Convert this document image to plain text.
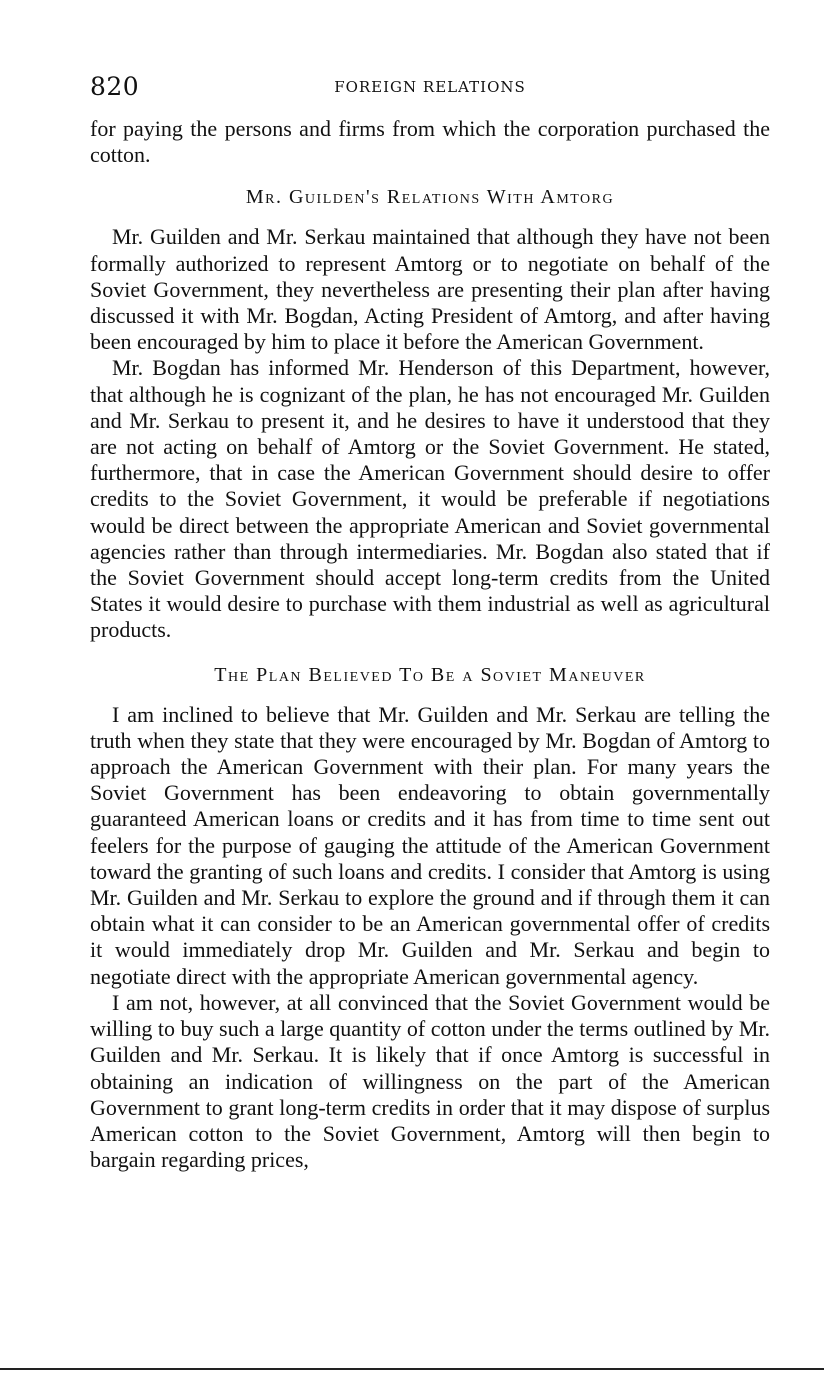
820	FOREIGN RELATIONS

for paying the persons and firms from which the corporation purchased the cotton.

Mr. Guilden's Relations With Amtorg

Mr. Guilden and Mr. Serkau maintained that although they have not been formally authorized to represent Amtorg or to negotiate on behalf of the Soviet Government, they nevertheless are presenting their plan after having discussed it with Mr. Bogdan, Acting President of Amtorg, and after having been encouraged by him to place it before the American Government.

Mr. Bogdan has informed Mr. Henderson of this Department, however, that although he is cognizant of the plan, he has not encouraged Mr. Guilden and Mr. Serkau to present it, and he desires to have it understood that they are not acting on behalf of Amtorg or the Soviet Government. He stated, furthermore, that in case the American Government should desire to offer credits to the Soviet Government, it would be preferable if negotiations would be direct between the appropriate American and Soviet governmental agencies rather than through intermediaries. Mr. Bogdan also stated that if the Soviet Government should accept long-term credits from the United States it would desire to purchase with them industrial as well as agricultural products.

The Plan Believed To Be a Soviet Maneuver

I am inclined to believe that Mr. Guilden and Mr. Serkau are telling the truth when they state that they were encouraged by Mr. Bogdan of Amtorg to approach the American Government with their plan. For many years the Soviet Government has been endeavoring to obtain governmentally guaranteed American loans or credits and it has from time to time sent out feelers for the purpose of gauging the attitude of the American Government toward the granting of such loans and credits. I consider that Amtorg is using Mr. Guilden and Mr. Serkau to explore the ground and if through them it can obtain what it can consider to be an American governmental offer of credits it would immediately drop Mr. Guilden and Mr. Serkau and begin to negotiate direct with the appropriate American governmental agency.

I am not, however, at all convinced that the Soviet Government would be willing to buy such a large quantity of cotton under the terms outlined by Mr. Guilden and Mr. Serkau. It is likely that if once Amtorg is successful in obtaining an indication of willingness on the part of the American Government to grant long-term credits in order that it may dispose of surplus American cotton to the Soviet Government, Amtorg will then begin to bargain regarding prices,
